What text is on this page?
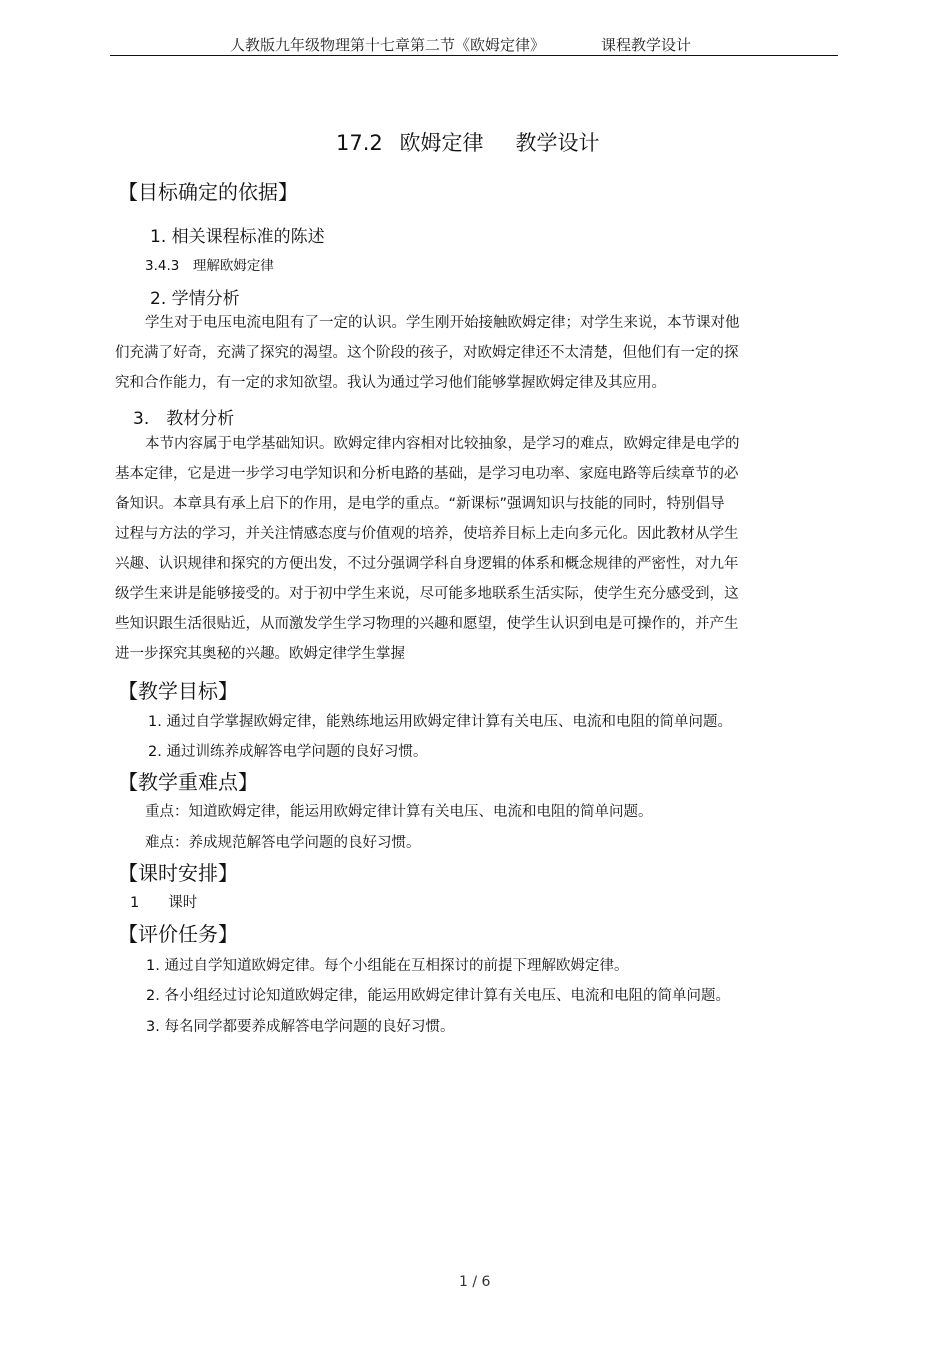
人教版九年级物理第十七章第二节《欧姆定律》	课程教学设计
17.2 欧姆定律 教学设计
【目标确定的依据】
1. 相关课程标准的陈述
3.4.3　理解欧姆定律
2. 学情分析
学生对于电压电流电阻有了一定的认识。学生刚开始接触欧姆定律；对学生来说，本节课对他
们充满了好奇，充满了探究的渴望。这个阶段的孩子，对欧姆定律还不太清楚，但他们有一定的探
究和合作能力，有一定的求知欲望。我认为通过学习他们能够掌握欧姆定律及其应用。
3.　教材分析
本节内容属于电学基础知识。欧姆定律内容相对比较抽象，是学习的难点，欧姆定律是电学的
基本定律，它是进一步学习电学知识和分析电路的基础，是学习电功率、家庭电路等后续章节的必
备知识。本章具有承上启下的作用，是电学的重点。“新课标”强调知识与技能的同时，特别倡导
过程与方法的学习，并关注情感态度与价值观的培养，使培养目标上走向多元化。因此教材从学生
兴趣、认识规律和探究的方便出发，不过分强调学科自身逻辑的体系和概念规律的严密性，对九年
级学生来讲是能够接受的。对于初中学生来说，尽可能多地联系生活实际，使学生充分感受到，这
些知识跟生活很贴近，从而激发学生学习物理的兴趣和愿望，使学生认识到电是可操作的，并产生
进一步探究其奥秘的兴趣。欧姆定律学生掌握
【教学目标】
1. 通过自学掌握欧姆定律，能熟练地运用欧姆定律计算有关电压、电流和电阻的简单问题。
2. 通过训练养成解答电学问题的良好习惯。
【教学重难点】
重点：知道欧姆定律，能运用欧姆定律计算有关电压、电流和电阻的简单问题。
难点：养成规范解答电学问题的良好习惯。
【课时安排】
1　　课时
【评价任务】
1. 通过自学知道欧姆定律。每个小组能在互相探讨的前提下理解欧姆定律。
2. 各小组经过讨论知道欧姆定律，能运用欧姆定律计算有关电压、电流和电阻的简单问题。
3. 每名同学都要养成解答电学问题的良好习惯。
1 / 6
